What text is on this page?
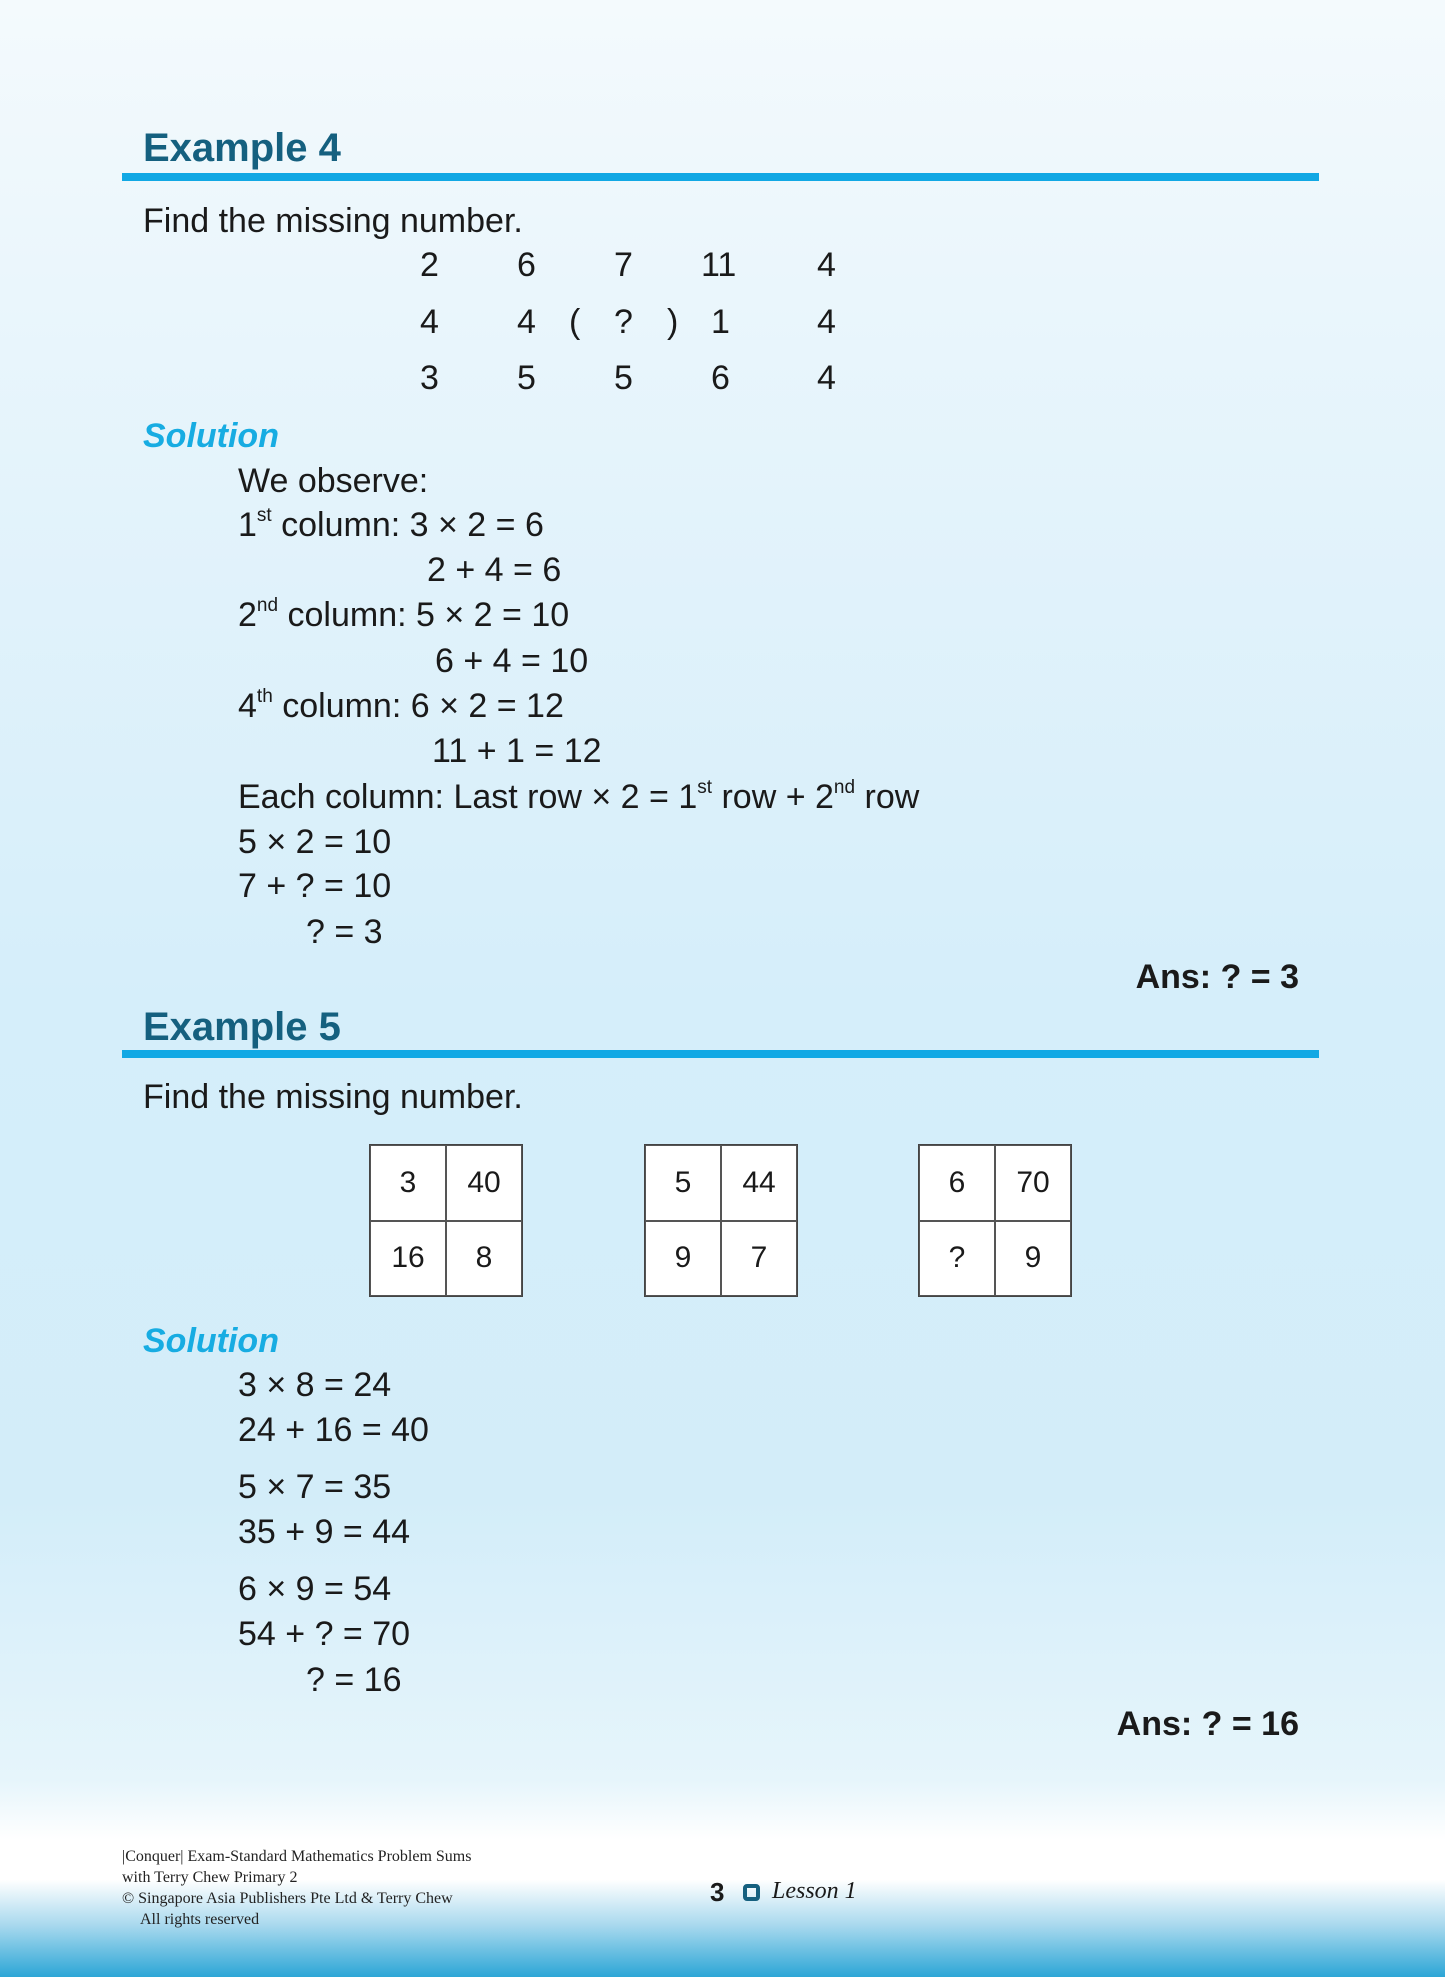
Example 4
Find the missing number.
2 6 7 11 4
4 4 ( ? ) 1	4
3 5 5 6	4
Solution
We observe:
1st column: 3 × 2 = 6
2 + 4 = 6
2nd column: 5 × 2 = 10
6 + 4 = 10
4th column: 6 × 2 = 12
11 + 1 = 12
Each column: Last row × 2 = 1st row + 2nd row
5 × 2 = 10
7 + ? = 10
? = 3
Ans: ? = 3
Example 5
Find the missing number.
3	40
16	8
5	44
9	7
6	70
?	9
Solution
3 × 8 = 24
24 + 16 = 40
5 × 7 = 35
35 + 9 = 44
6 × 9 = 54
54 + ? = 70
? = 16
Ans: ? = 16
|Conquer| Exam-Standard Mathematics Problem Sums
with Terry Chew Primary 2
© Singapore Asia Publishers Pte Ltd & Terry Chew
All rights reserved
3 Lesson 1
